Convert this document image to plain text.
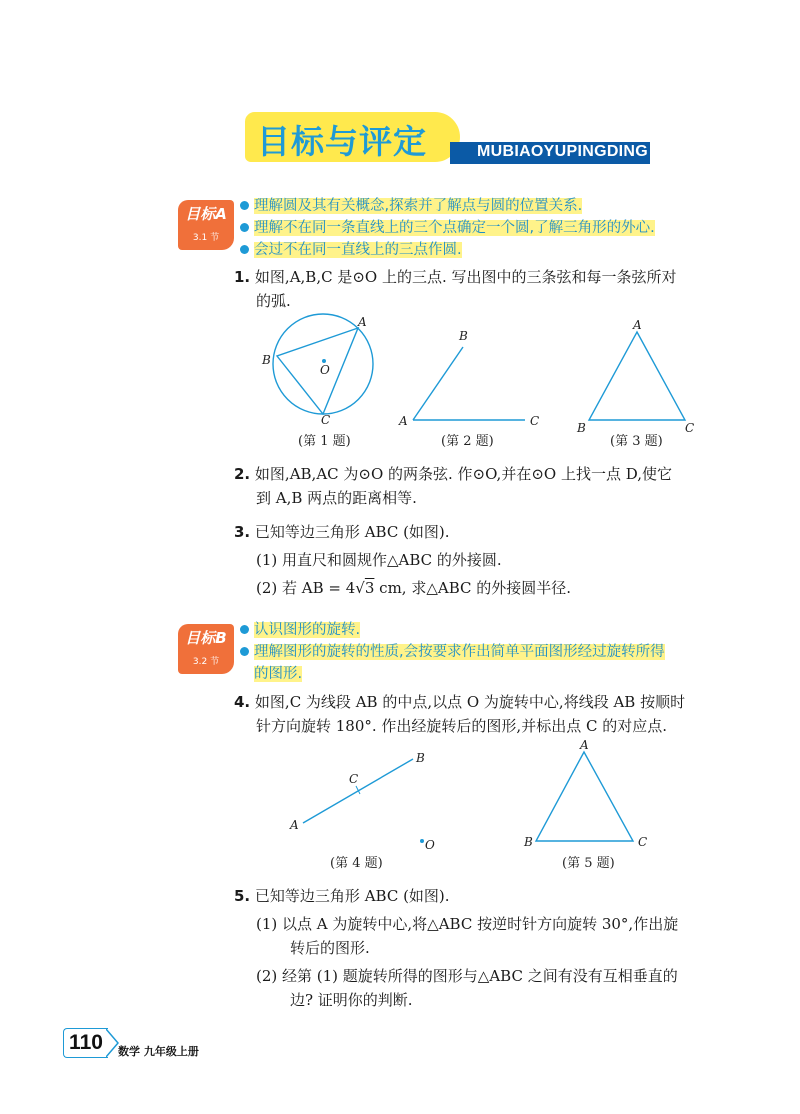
目标与评定	MUBIAOYUPINGDING
目标A
3.1 节
理解圆及其有关概念,探索并了解点与圆的位置关系.
理解不在同一条直线上的三个点确定一个圆,了解三角形的外心.
会过不在同一直线上的三点作圆.
1. 如图,A,B,C 是⊙O 上的三点. 写出图中的三条弦和每一条弦所对
的弧.
A
B
C
O
(第 1 题)
B
A	C
(第 2 题)
A
B	C
(第 3 题)
2. 如图,AB,AC 为⊙O 的两条弦. 作⊙O,并在⊙O 上找一点 D,使它
到 A,B 两点的距离相等.
3. 已知等边三角形 ABC (如图).
(1) 用直尺和圆规作△ABC 的外接圆.
(2) 若 AB = 4√3 cm, 求△ABC 的外接圆半径.
目标B
3.2 节
认识图形的旋转.
理解图形的旋转的性质,会按要求作出简单平面图形经过旋转所得
的图形.
4. 如图,C 为线段 AB 的中点,以点 O 为旋转中心,将线段 AB 按顺时
针方向旋转 180°. 作出经旋转后的图形,并标出点 C 的对应点.
A
B
C
O
(第 4 题)
A
B	C
(第 5 题)
5. 已知等边三角形 ABC (如图).
(1) 以点 A 为旋转中心,将△ABC 按逆时针方向旋转 30°,作出旋
转后的图形.
(2) 经第 (1) 题旋转所得的图形与△ABC 之间有没有互相垂直的
边? 证明你的判断.
110	数学 九年级上册
